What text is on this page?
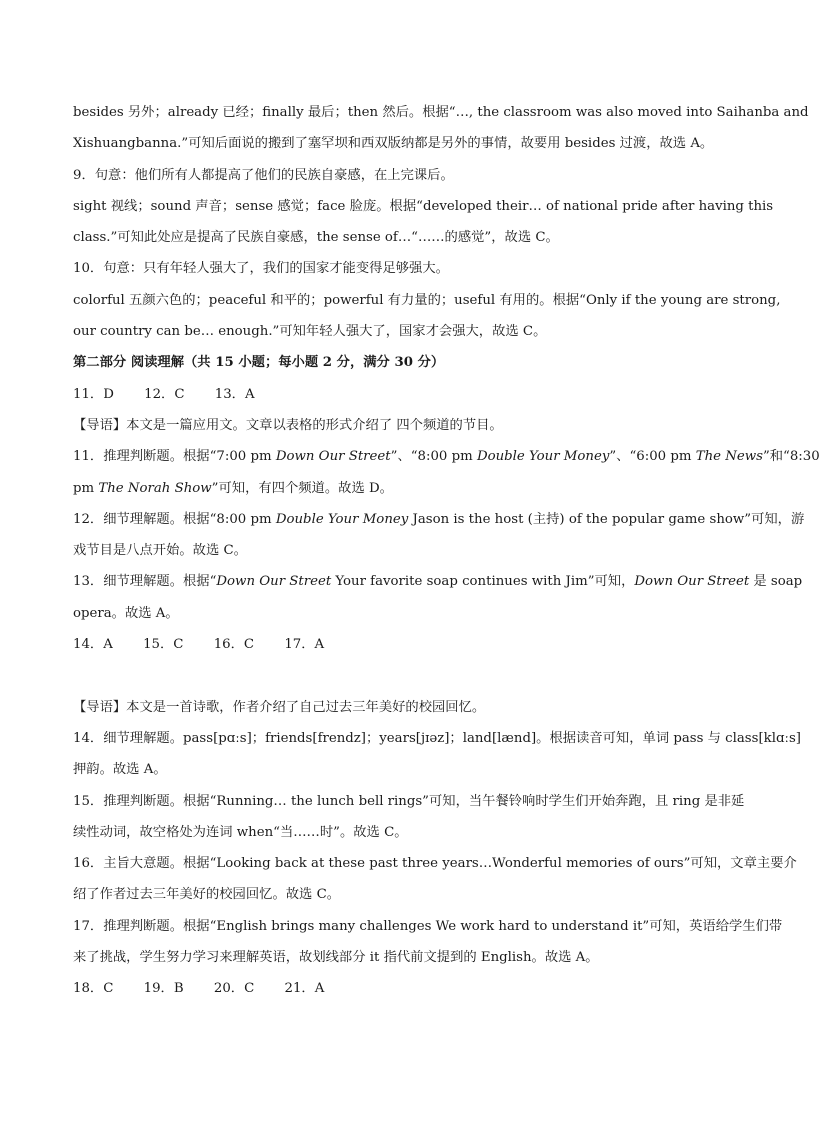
besides 另外；already 已经；finally 最后；then 然后。根据“…, the classroom was also moved into Saihanba and
Xishuangbanna.”可知后面说的搬到了塞罕坝和西双版纳都是另外的事情，故要用 besides 过渡，故选 A。
9．句意：他们所有人都提高了他们的民族自豪感，在上完课后。
sight 视线；sound 声音；sense 感觉；face 脸庞。根据“developed their… of national pride after having this
class.”可知此处应是提高了民族自豪感，the sense of…“……的感觉”，故选 C。
10．句意：只有年轻人强大了，我们的国家才能变得足够强大。
colorful 五颜六色的；peaceful 和平的；powerful 有力量的；useful 有用的。根据“Only if the young are strong,
our country can be… enough.”可知年轻人强大了，国家才会强大，故选 C。
第二部分 阅读理解（共 15 小题；每小题 2 分，满分 30 分）
11．D 12．C 13．A
【导语】本文是一篇应用文。文章以表格的形式介绍了 四个频道的节目。
11．推理判断题。根据“7:00 pm Down Our Street”、“8:00 pm Double Your Money”、“6:00 pm The News”和“8:30
pm The Norah Show”可知，有四个频道。故选 D。
12．细节理解题。根据“8:00 pm Double Your Money Jason is the host (主持) of the popular game show”可知，游
戏节目是八点开始。故选 C。
13．细节理解题。根据“Down Our Street Your favorite soap continues with Jim”可知，Down Our Street 是 soap
opera。故选 A。
14．A 15．C 16．C 17．A
【导语】本文是一首诗歌，作者介绍了自己过去三年美好的校园回忆。
14．细节理解题。pass[pɑːs]；friends[frendz]；years[jɪəz]；land[lænd]。根据读音可知，单词 pass 与 class[klɑːs]
押韵。故选 A。
15．推理判断题。根据“Running… the lunch bell rings”可知，当午餐铃响时学生们开始奔跑，且 ring 是非延
续性动词，故空格处为连词 when“当……时”。故选 C。
16．主旨大意题。根据“Looking back at these past three years…Wonderful memories of ours”可知，文章主要介
绍了作者过去三年美好的校园回忆。故选 C。
17．推理判断题。根据“English brings many challenges We work hard to understand it”可知，英语给学生们带
来了挑战，学生努力学习来理解英语，故划线部分 it 指代前文提到的 English。故选 A。
18．C 19．B 20．C 21．A
